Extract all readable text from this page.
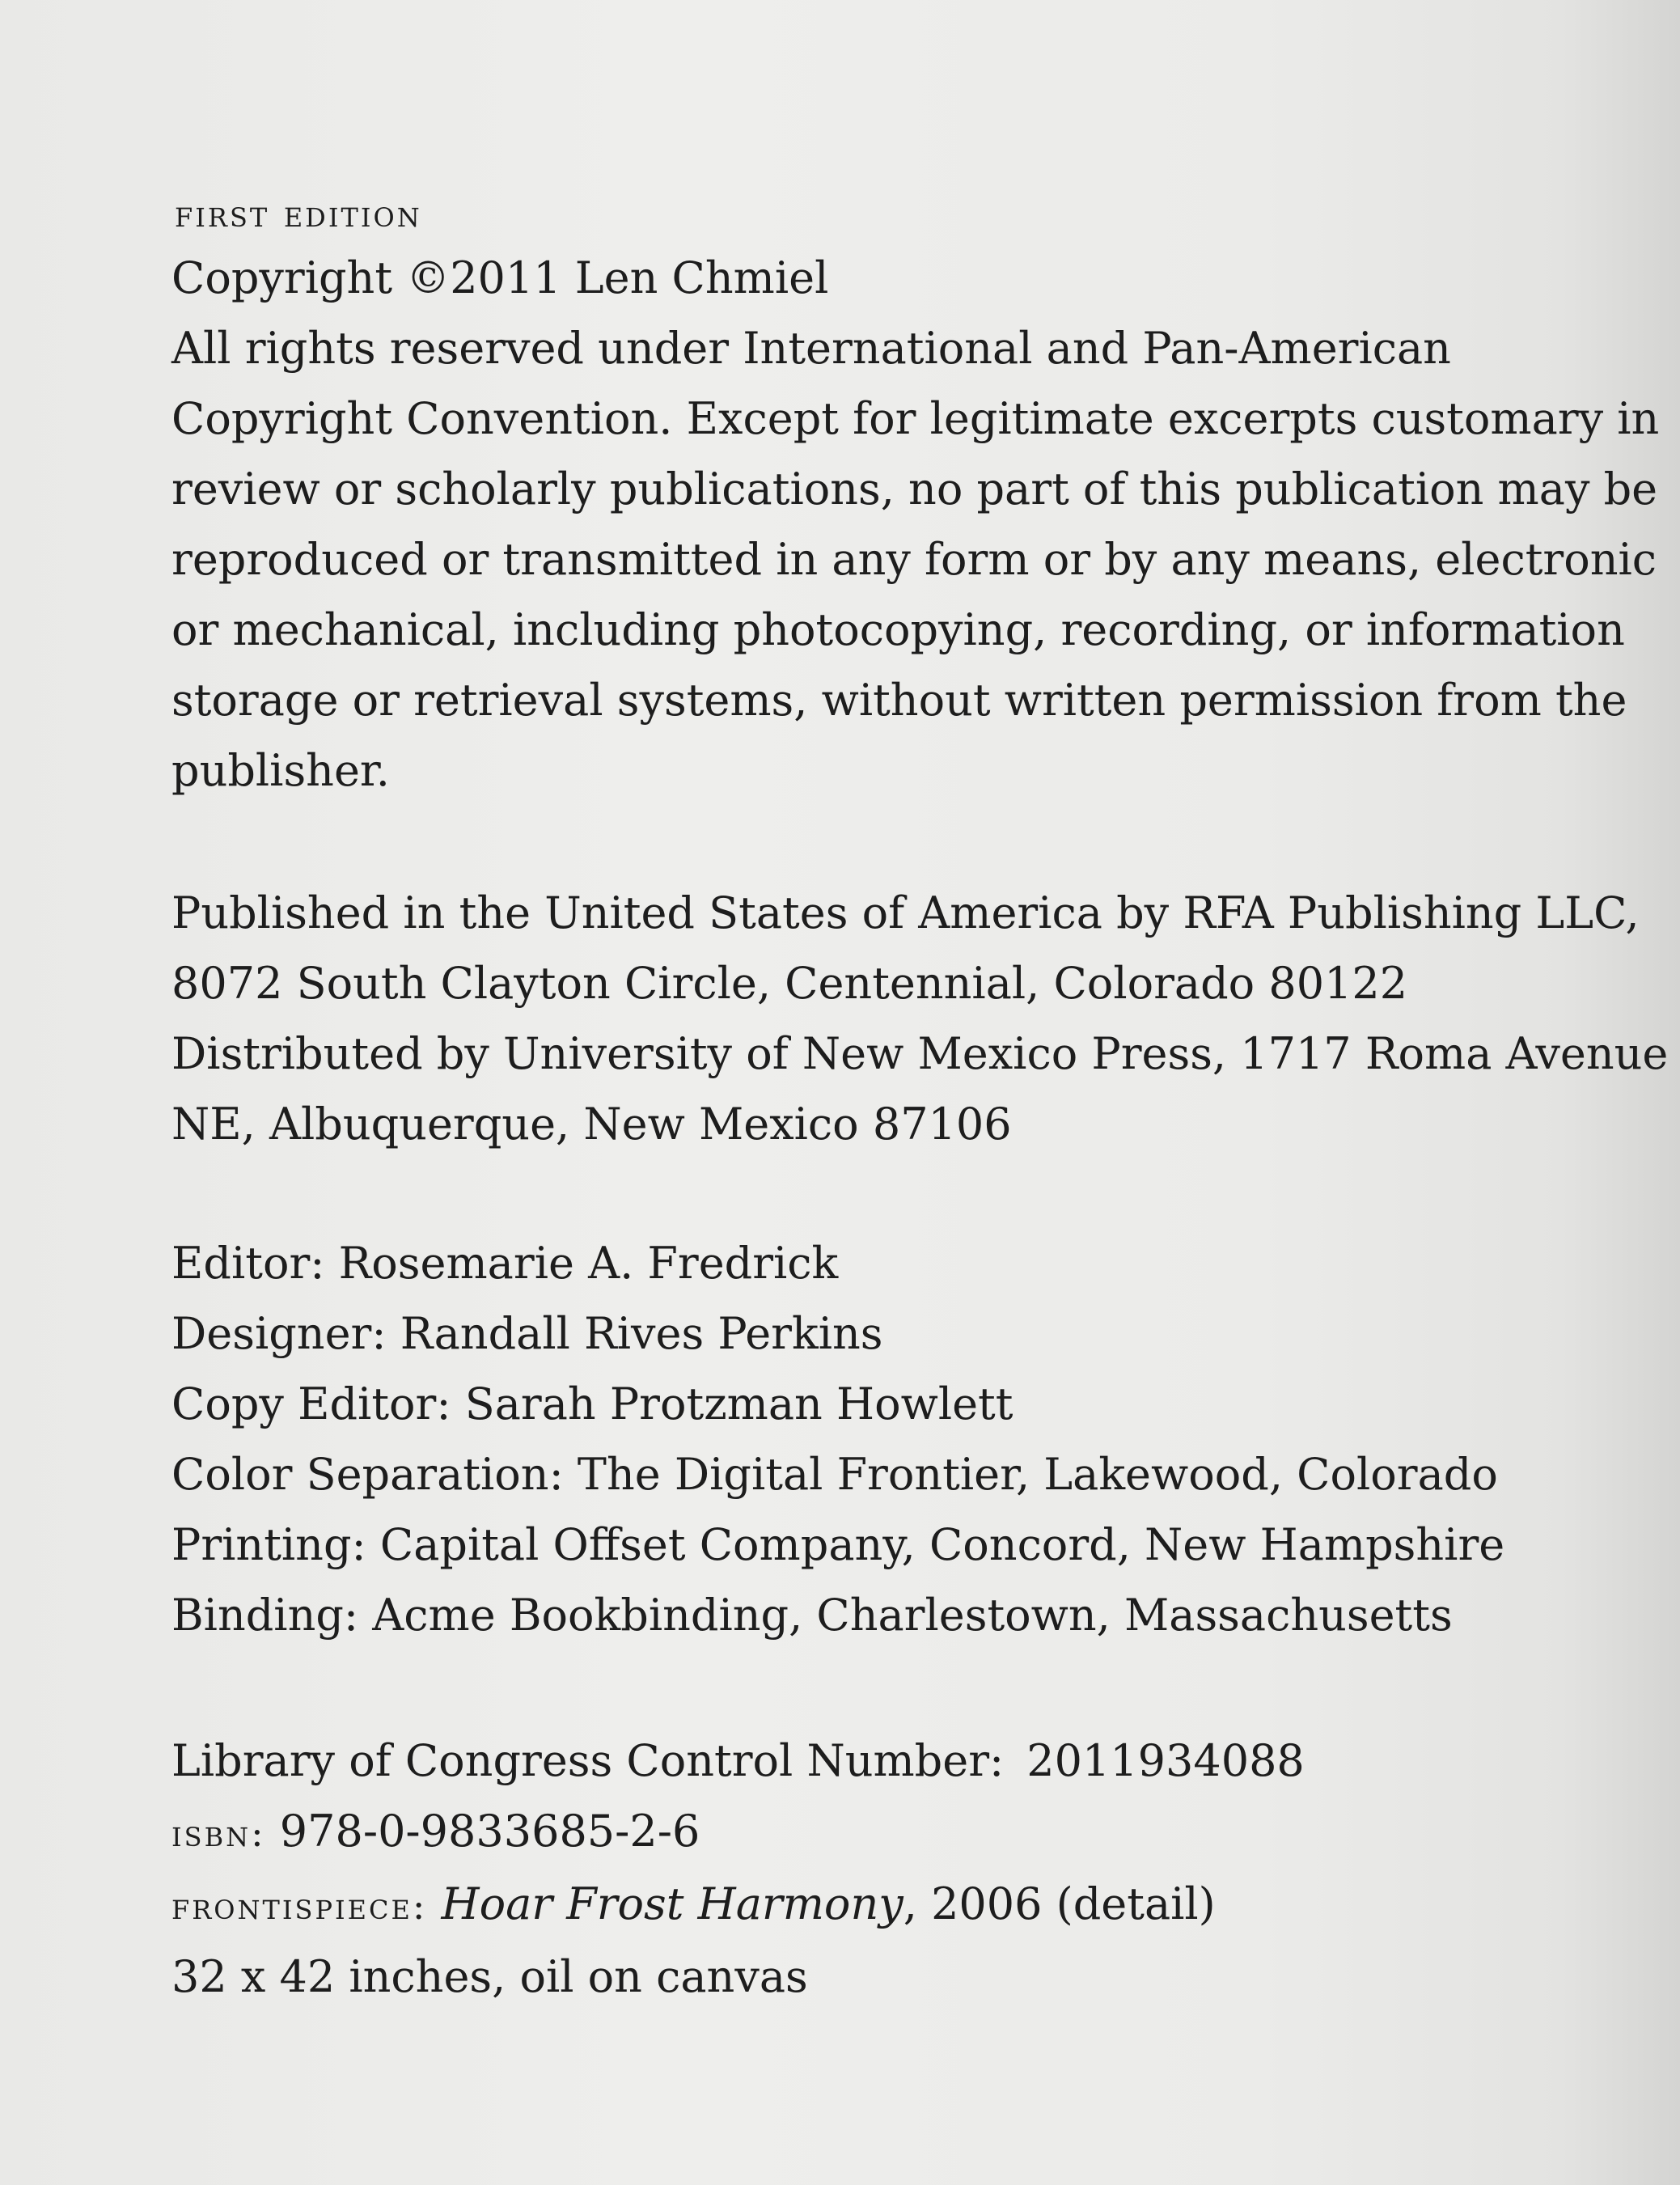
first edition
Copyright ©2011 Len Chmiel
All rights reserved under International and Pan-American
Copyright Convention. Except for legitimate excerpts customary in
review or scholarly publications, no part of this publication may be
reproduced or transmitted in any form or by any means, electronic
or mechanical, including photocopying, recording, or information
storage or retrieval systems, without written permission from the
publisher.
Published in the United States of America by RFA Publishing LLC,
8072 South Clayton Circle, Centennial, Colorado 80122
Distributed by University of New Mexico Press, 1717 Roma Avenue
NE, Albuquerque, New Mexico 87106
Editor: Rosemarie A. Fredrick
Designer: Randall Rives Perkins
Copy Editor: Sarah Protzman Howlett
Color Separation: The Digital Frontier, Lakewood, Colorado
Printing: Capital Offset Company, Concord, New Hampshire
Binding: Acme Bookbinding, Charlestown, Massachusetts
Library of Congress Control Number: 2011934088
isbn: 978-0-9833685-2-6
frontispiece: Hoar Frost Harmony, 2006 (detail)
32 x 42 inches, oil on canvas
